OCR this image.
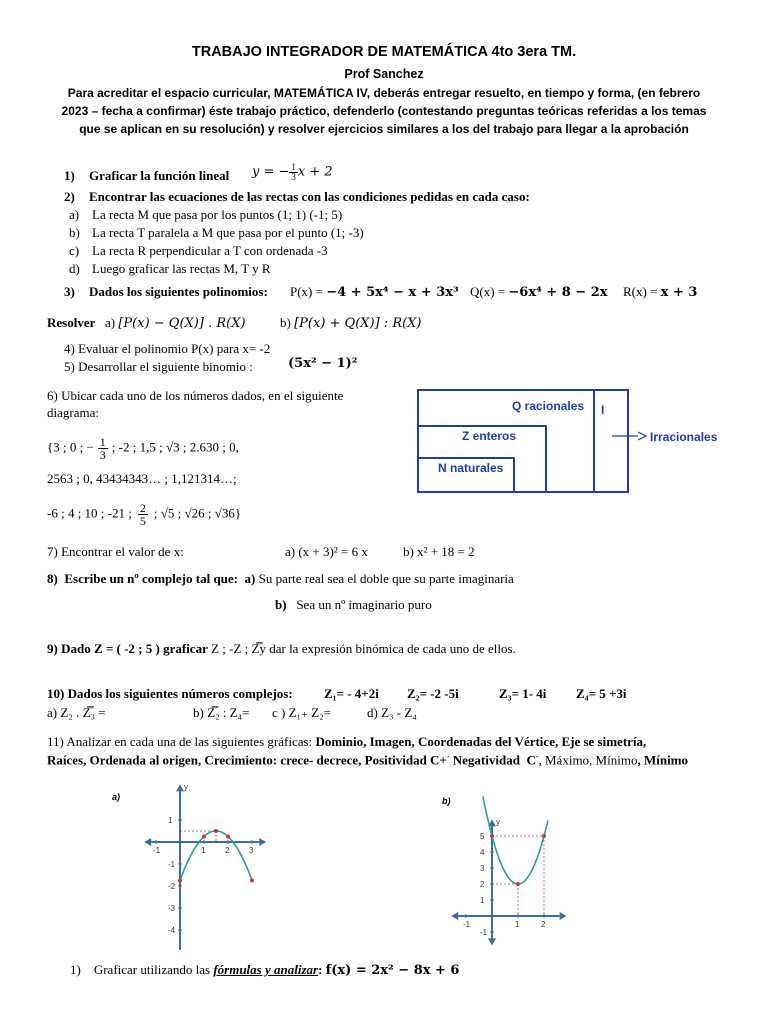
TRABAJO INTEGRADOR DE MATEMÁTICA 4to 3era TM.
Prof Sanchez
Para acreditar el espacio curricular, MATEMÁTICA IV, deberás entregar resuelto, en tiempo y forma, (en febrero
2023 – fecha a confirmar) éste trabajo práctico, defenderlo (contestando preguntas teóricas referidas a los temas
que se aplican en su resolución) y resolver ejercicios similares a los del trabajo para llegar a la aprobación
1) Graficar la función lineal y = − $\frac{1}{3}$ x + 2
2) Encontrar las ecuaciones de las rectas con las condiciones pedidas en cada caso:
a) La recta M que pasa por los puntos (1; 1) (-1; 5)
b) La recta T paralela a M que pasa por el punto (1; -3)
c) La recta R perpendicular a T con ordenada -3
d) Luego graficar las rectas M, T y R
3) Dados los siguientes polinomios: P(x) = −4 + 5x⁴ − x + 3x³ Q(x) = −6x⁴ + 8 − 2x R(x) = x + 3
Resolver a) [P(x) − Q(X)] . R(X)	b) [P(x) + Q(X)] : R(X)
4) Evaluar el polinomio P(x) para x= -2
5) Desarrollar el siguiente binomio :	(5x² − 1)²
6) Ubicar cada uno de los números dados, en el siguiente
diagrama:
{3 ; 0 ; − $\frac{1}{3}$ ; -2 ; 1,5 ; √3 ; 2.630 ; 0,
2563 ; 0, 43434343… ; 1,121314…;
-6 ; 4 ; 10 ; -21 ; $\frac{2}{5}$ ; √5 ; √26 ; √36}
Q racionales I
Z enteros
N naturales
Irracionales
7) Encontrar el valor de x:	a) (x + 3)² = 6 x	b) x² + 18 = 2
8) Escribe un nº complejo tal que: a) Su parte real sea el doble que su parte imaginaria
b) Sea un nº imaginario puro
9) Dado Z = ( -2 ; 5 ) graficar Z ; -Z ; Z̿y dar la expresión binómica de cada uno de ellos.
10) Dados los siguientes números complejos: Z₁= - 4+2i Z₂= -2 -5i	Z₃= 1- 4i Z₄= 5 +3i
a) Z₂ . Z̿₃ =	b) Z̿₂ : Z₄= c ) Z₁₊ Z₂=	d) Z₃ - Z₄
11) Analizar en cada una de las siguientes gráficas: Dominio, Imagen, Coordenadas del Vértice, Eje se simetría,
Raíces, Ordenada al origen, Crecimiento: crece- decrece, Positividad C+- Negatividad C-, Máximo, Mínimo, Mínimo
a)
-1	1 2 3
1
-1
-2
-3
-4
y
b)
-1	1	2
1
2
3
4
5
-1
y
1) Graficar utilizando las fórmulas y analizar: f(x) = 2x² − 8x + 6
